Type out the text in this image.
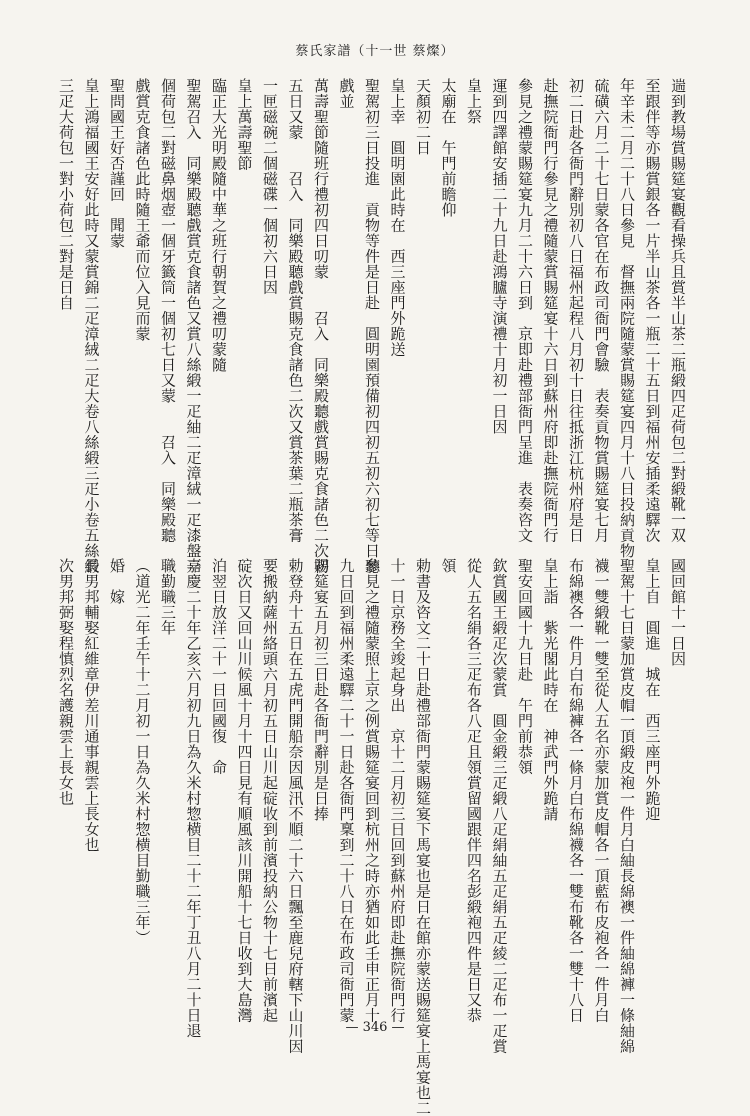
蔡氏家譜（十一世 蔡燦）
遄到教場賞賜筵宴觀看操兵且賞半山茶二瓶緞四疋荷包二對緞靴一双
至跟伴等亦賜賞銀各一片半山茶各一瓶二十五日到福州安插柔遠驛次
年辛未二月二十八日參見　督撫兩院隨蒙賞賜筵宴四月十八日投納貢物
硫磺六月二十七日蒙各官在布政司衙門會驗　表奏貢物賞賜筵宴七月
初二日赴各衙門辭別初八日福州起程八月初十日往抵浙江杭州府是日
赴撫院衙門行參見之禮隨蒙賞賜筵宴十六日到蘇州府即赴撫院衙門行
參見之禮蒙賜筵宴九月二十六日到　京即赴禮部衙門呈進　表奏咨文
運到四譯館安插二十九日赴鴻臚寺演禮十月初一日因
皇上祭
太廟在　午門前瞻仰
天顏初二日
皇上幸　圓明園此時在　西三座門外跪送
聖駕初三日投進　貢物等件是日赴　圓明園預備初四初五初六初七等日聽
戲並
萬壽聖節隨班行禮初四日叨蒙　　召入　同樂殿聽戲賞賜克食諸色二次初
五日又蒙　　召入　同樂殿聽戲賞賜克食諸色二次又賞茶葉二瓶茶膏
一匣磁碗二個磁碟一個初六日因
皇上萬壽聖節
臨正大光明殿隨中華之班行朝賀之禮叨蒙隨
聖駕召入　同樂殿聽戲賞克食諸色又賞八絲緞一疋紬二疋漳絨一疋漆盤一
個荷包二對磁鼻烟壺一個牙籤筒一個初七日又蒙　　召入　同樂殿聽
戲賞克食諸色此時隨王爺而位入見而蒙
聖問國王好否謹回　聞蒙
皇上鴻福國王安好此時又蒙賞錦二疋漳絨二疋大卷八絲緞三疋小卷五絲緞
三疋大荷包一對小荷包二對是日自
國回館十一日因
皇上自　圓進　城在　西三座門外跪迎
聖駕十七日蒙加賞皮帽一頂緞皮袍一件月白紬長綿襖一件紬綿褲一條紬綿
襪一雙緞靴一雙至從人五名亦蒙加賞皮帽各一頂藍布皮袍各一件月白
布綿襖各一件月白布綿褲各一條月白布綿襪各一雙布靴各一雙十八日
皇上詣　紫光閣此時在　神武門外跪請
聖安回國十九日赴　午門前恭領
欽賞國王緞疋次蒙賞　圓金緞三疋緞八疋絹紬五疋絹五疋綾二疋布一疋賞
從人五名絹各三疋布各八疋且領賞留國跟伴四名彭緞袍四件是日又恭
領
勅書及咨文二十日赴禮部衙門蒙賜筵宴下馬宴也是日在館亦蒙送賜筵宴上馬宴也二
十一日京務全竣起身出　京十二月初三日回到蘇州府即赴撫院衙門行
參見之禮隨蒙照上京之例賞賜筵宴回到杭州之時亦猶如此壬申正月十
九日回到福州柔遠驛二十一日赴各衙門稟到二十八日在布政司衙門蒙
賜筵宴五月初三日赴各衙門辭別是日捧
勅登舟十五日在五虎門開船奈因風汛不順二十六日飄至鹿兒府轄下山川因
要搬納薩州絡頭六月初五日山川起碇收到前濱投納公物十七日前濱起
碇次日又回山川候風十月十四日見有順風該川開船十七日收到大島灣
泊翌日放洋二十一日回國復　命
嘉慶二十年乙亥六月初九日為久米村惣横目二十二年丁丑八月二十日退
職勤職三年
（道光二年壬午十二月初一日為久米村惣横目勤職三年）
婚　嫁
長男邦輔娶紅維章伊差川通事親雲上長女也
次男邦弼娶程慎烈名護親雲上長女也
— 346 —
